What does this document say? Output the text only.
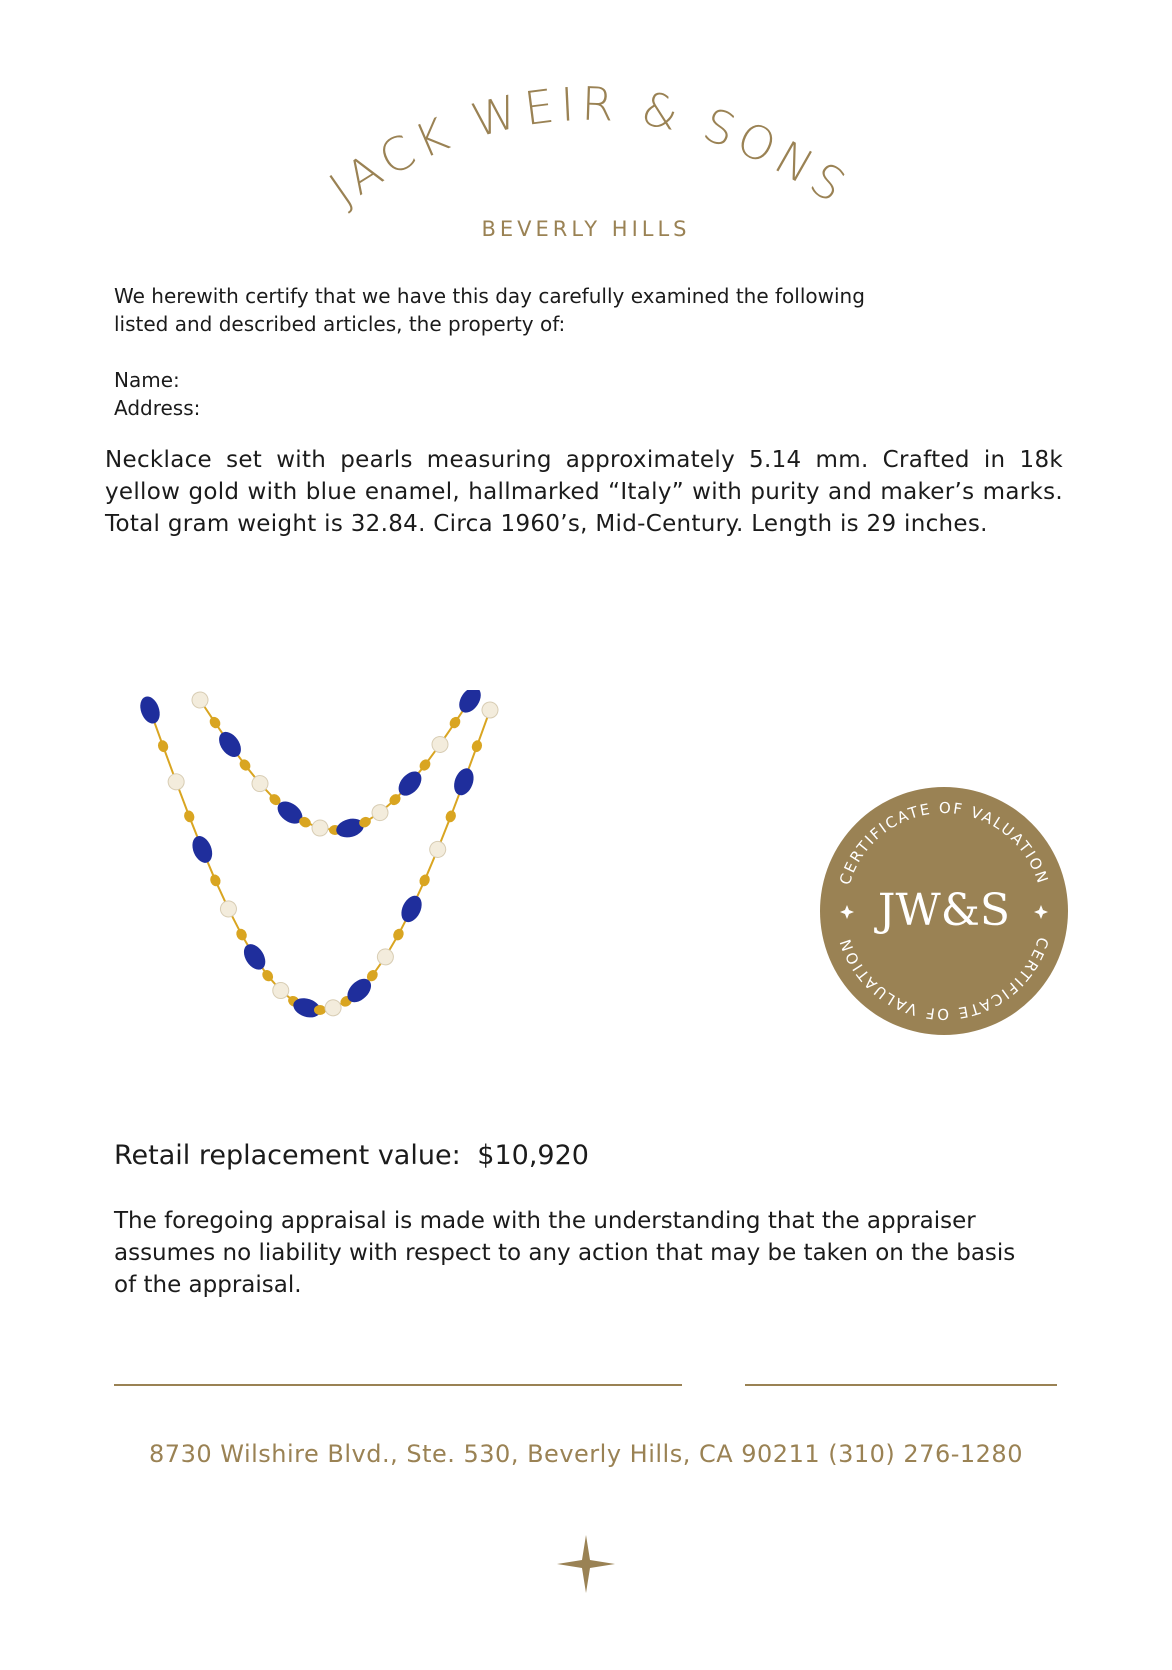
JACK WEIR & SONS
BEVERLY HILLS

We herewith certify that we have this day carefully examined the following listed and described articles, the property of:

Name:

Address:

Necklace set with pearls measuring approximately 5.14 mm. Crafted in 18k yellow gold with blue enamel, hallmarked “Italy” with purity and maker’s marks. Total gram weight is 32.84. Circa 1960’s, Mid-Century. Length is 29 inches.

CERTIFICATE OF VALUATION
CERTIFICATE OF VALUATION
JW&S

Retail replacement value: $10,920

The foregoing appraisal is made with the understanding that the appraiser assumes no liability with respect to any action that may be taken on the basis of the appraisal.

8730 Wilshire Blvd., Ste. 530, Beverly Hills, CA 90211 (310) 276-1280
